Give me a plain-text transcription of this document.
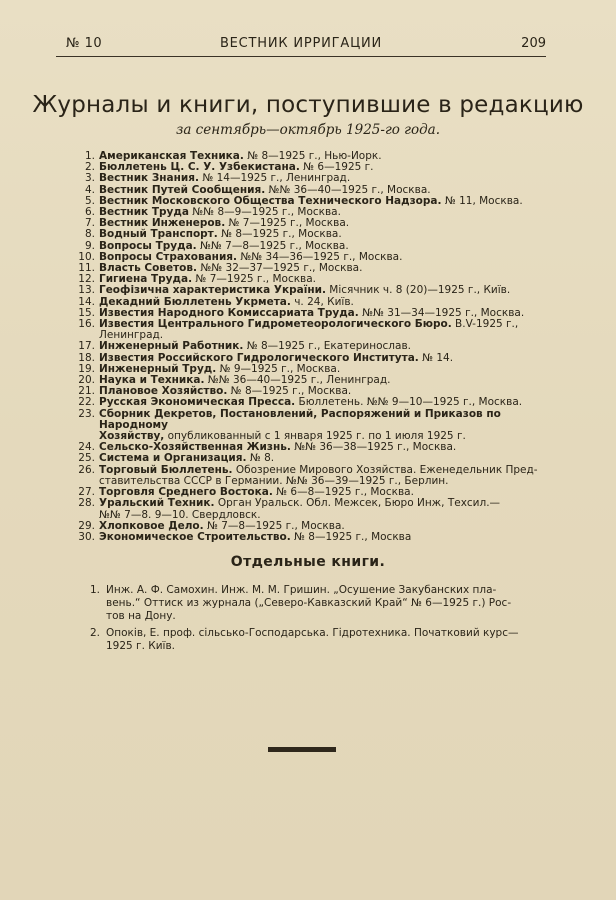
№ 10	ВЕСТНИК ИРРИГАЦИИ	209
Журналы и книги, поступившие в редакцию
за сентябрь—октябрь 1925-го года.
1. Американская Техника. № 8—1925 г., Нью-Иорк.
2. Бюллетень Ц. С. У. Узбекистана. № 6—1925 г.
3. Вестник Знания. № 14—1925 г., Ленинград.
4. Вестник Путей Сообщения. №№ 36—40—1925 г., Москва.
5. Вестник Московского Общества Технического Надзора. № 11, Москва.
6. Вестник Труда №№ 8—9—1925 г., Москва.
7. Вестник Инженеров. № 7—1925 г., Москва.
8. Водный Транспорт. № 8—1925 г., Москва.
9. Вопросы Труда. №№ 7—8—1925 г., Москва.
10. Вопросы Страхования. №№ 34—36—1925 г., Москва.
11. Власть Советов. №№ 32—37—1925 г., Москва.
12. Гигиена Труда. № 7—1925 г., Москва.
13. Геофізична характеристика України. Місячник ч. 8 (20)—1925 г., Київ.
14. Декадний Бюллетень Укрмета. ч. 24, Київ.
15. Известия Народного Комиссариата Труда. №№ 31—34—1925 г., Москва.
16. Известия Центрального Гидрометеорологического Бюро. В.V-1925 г., Ленинград.
17. Инженерный Работник. № 8—1925 г., Екатеринослав.
18. Известия Российского Гидрологического Института. № 14.
19. Инженерный Труд. № 9—1925 г., Москва.
20. Наука и Техника. №№ 36—40—1925 г., Ленинград.
21. Плановое Хозяйство. № 8—1925 г., Москва.
22. Русская Экономическая Пресса. Бюллетень. №№ 9—10—1925 г., Москва.
23. Сборник Декретов, Постановлений, Распоряжений и Приказов по Народному
Хозяйству, опубликованный с 1 января 1925 г. по 1 июля 1925 г.
24. Сельско-Хозяйственная Жизнь. №№ 36—38—1925 г., Москва.
25. Система и Организация. № 8.
26. Торговый Бюллетень. Обозрение Мирового Хозяйства. Еженедельник Пред-
ставительства СССР в Германии. №№ 36—39—1925 г., Берлин.
27. Торговля Среднего Востока. № 6—8—1925 г., Москва.
28. Уральский Техник. Орган Уральск. Обл. Межсек, Бюро Инж, Техсил.—
№№ 7—8. 9—10. Свердловск.
29. Хлопковое Дело. № 7—8—1925 г., Москва.
30. Экономическое Строительство. № 8—1925 г., Москва
Отдельные книги.
1. Инж. А. Ф. Самохин. Инж. М. М. Гришин. „Осушение Закубанских пла-
вень.“ Оттиск из журнала („Северо-Кавказский Край“ № 6—1925 г.) Рос-
тов на Дону.
2. Опоків, Е. проф. сільсько-Господарська. Гідротехника. Початковий курс—
1925 г. Київ.
